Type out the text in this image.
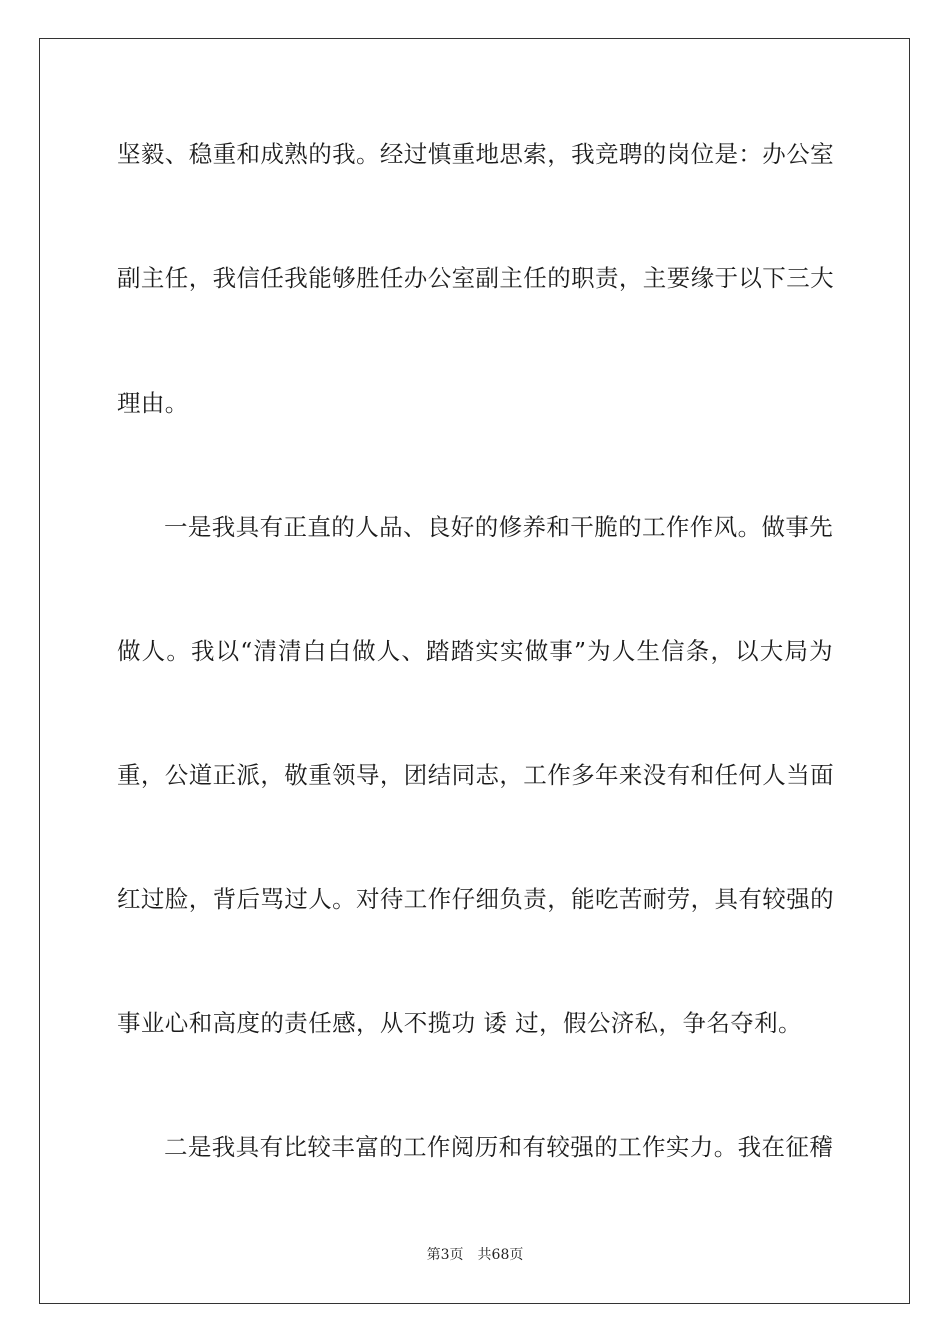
坚毅、稳重和成熟的我。经过慎重地思索，我竞聘的岗位是：办公室
副主任，我信任我能够胜任办公室副主任的职责，主要缘于以下三大
理由。
一是我具有正直的人品、良好的修养和干脆的工作作风。做事先
做人。我以“清清白白做人、踏踏实实做事”为人生信条，以大局为
重，公道正派，敬重领导，团结同志，工作多年来没有和任何人当面
红过脸，背后骂过人。对待工作仔细负责，能吃苦耐劳，具有较强的
事业心和高度的责任感，从不揽功 诿 过，假公济私，争名夺利。
二是我具有比较丰富的工作阅历和有较强的工作实力。我在征稽
第3页 共68页
